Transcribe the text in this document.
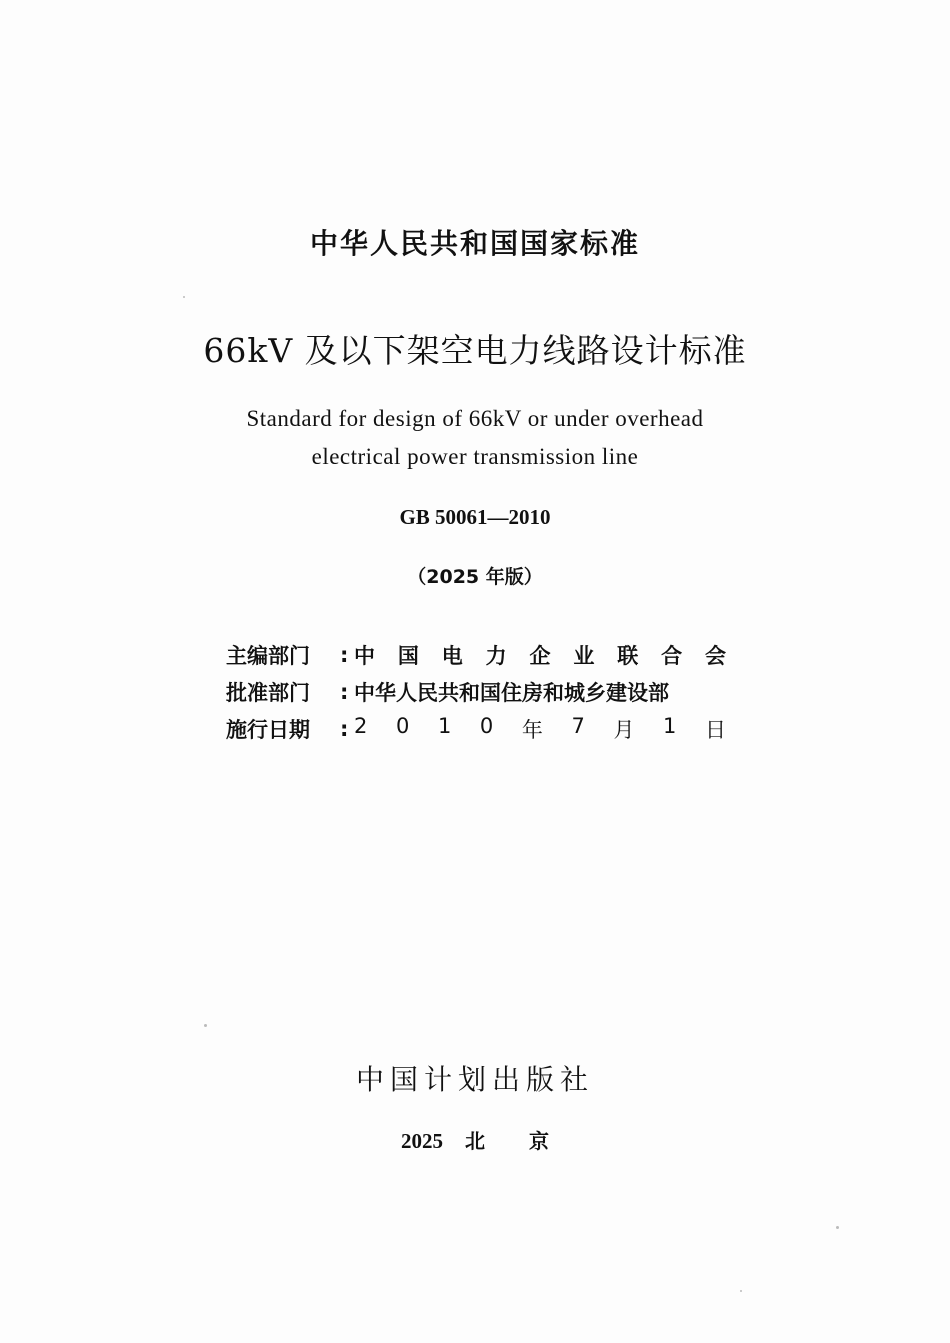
中华人民共和国国家标准
66kV 及以下架空电力线路设计标准
Standard for design of 66kV or under overhead
electrical power transmission line
GB 50061—2010
（2025 年版）
主编部门	: 中 国 电 力 企 业 联 合 会
批准部门	: 中华人民共和国住房和城乡建设部
施行日期	: 2 0 1 0 年 7 月 1 日
中国计划出版社
2025 北 京
